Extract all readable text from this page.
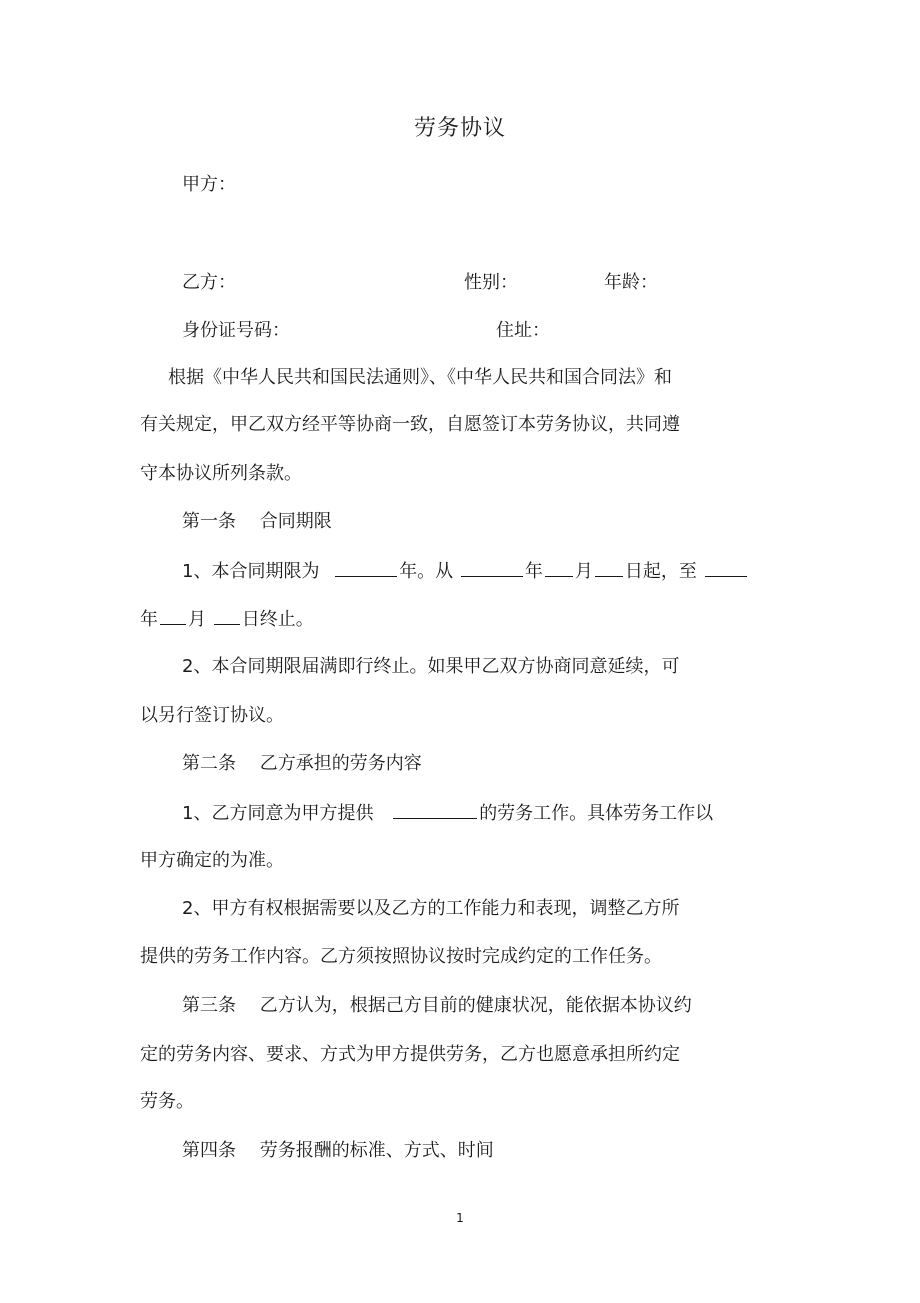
劳务协议
甲方：
乙方：	性别：	年龄：
身份证号码：	住址：
根据《中华人民共和国民法通则》、《中华人民共和国合同法》和
有关规定，甲乙双方经平等协商一致，自愿签订本劳务协议，共同遵
守本协议所列条款。
第一条　 合同期限
1、本合同期限为	年。从	年 月 日起，至
年 月 日终止。
2、本合同期限届满即行终止。如果甲乙双方协商同意延续，可
以另行签订协议。
第二条　 乙方承担的劳务内容
1、乙方同意为甲方提供	的劳务工作。具体劳务工作以
甲方确定的为准。
2、甲方有权根据需要以及乙方的工作能力和表现，调整乙方所
提供的劳务工作内容。乙方须按照协议按时完成约定的工作任务。
第三条　 乙方认为，根据己方目前的健康状况，能依据本协议约
定的劳务内容、要求、方式为甲方提供劳务，乙方也愿意承担所约定
劳务。
第四条　 劳务报酬的标准、方式、时间
1
